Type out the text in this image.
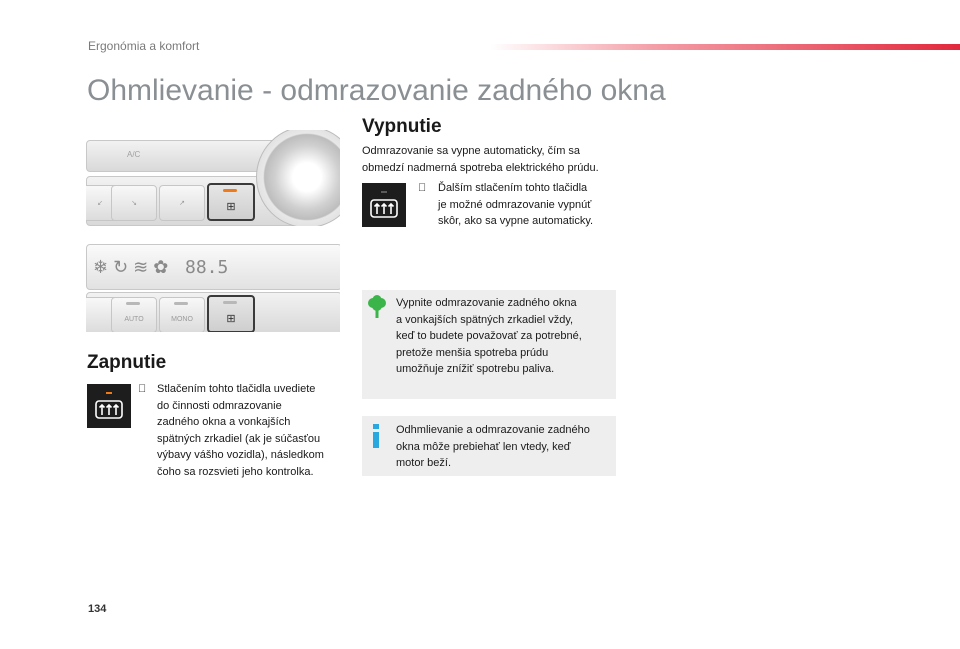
Ergonómia a komfort
Ohmlievanie - odmrazovanie zadného okna
A/C
↙	↘	↗	⊞
❄ ↻ ≋ ✿ 88.5
AUTO	MONO	⊞
Zapnutie
Stlačením tohto tlačidla uvediete
do činnosti odmrazovanie
zadného okna a vonkajších
spätných zrkadiel (ak je súčasťou
výbavy vášho vozidla), následkom
čoho sa rozsvieti jeho kontrolka.
Vypnutie
Odmrazovanie sa vypne automaticky, čím sa
obmedzí nadmerná spotreba elektrického prúdu.
Ďalším stlačením tohto tlačidla
je možné odmrazovanie vypnúť
skôr, ako sa vypne automaticky.
Vypnite odmrazovanie zadného okna
a vonkajších spätných zrkadiel vždy,
keď to budete považovať za potrebné,
pretože menšia spotreba prúdu
umožňuje znížiť spotrebu paliva.
Odhmlievanie a odmrazovanie zadného
okna môže prebiehať len vtedy, keď
motor beží.
134
